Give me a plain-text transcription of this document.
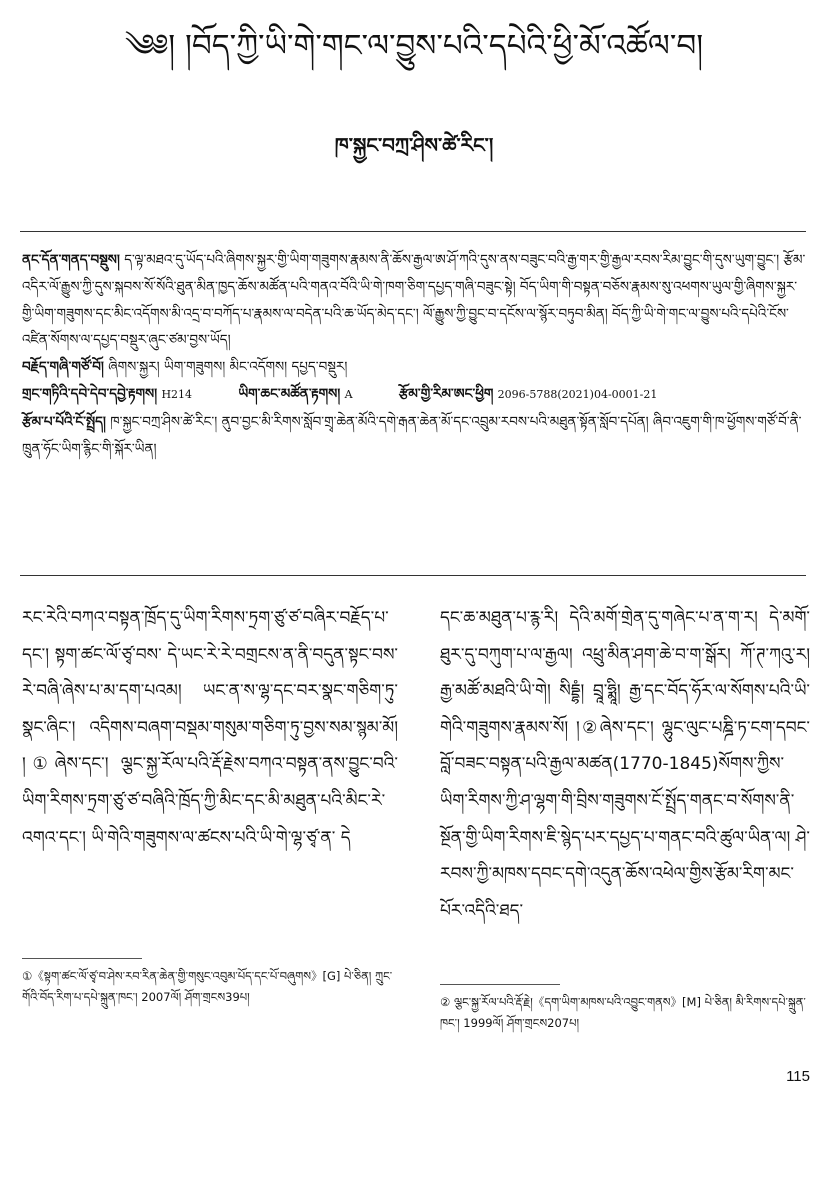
༄༅། །བོད་ཀྱི་ཡི་གེ་གང་ལ་བྱུས་པའི་དཔེའི་ཕྱི་མོ་འཚོལ་བ།
ཁ་སྐྱང་བཀྲ་ཤིས་ཚེ་རིང་།

ནང་དོན་གནད་བསྡུས། ད་ལྟ་མཐའ་དུ་ཡོད་པའི་ཞིགས་སྐྱར་གྱི་ཡིག་གཟུགས་རྣམས་ནི་ཆོས་རྒྱལ་ཨ་ཤོ་ཀའི་དུས་ནས་བཟུང་བའི་རྒྱ་གར་གྱི་རྒྱལ་རབས་རིམ་བྱུང་གི་དུས་ཡུག་བྱུང་། རྩོམ་འདིར་ལོ་རྒྱུས་ཀྱི་དུས་སྐབས་སོ་སོའི་ཐུན་མིན་ཁྱད་ཆོས་མཚོན་པའི་གནའ་བོའི་ཡི་གེ་ཁག་ཅིག་དཔྱད་གཞི་བཟུང་སྟེ། བོད་ཡིག་གི་བསྟན་བཅོས་རྣམས་སུ་འཕགས་ཡུལ་གྱི་ཞིགས་སྐྱར་གྱི་ཡིག་གཟུགས་དང་མིང་འདོགས་མི་འདྲ་བ་བཀོད་པ་རྣམས་ལ་བདེན་པའི་ཆ་ཡོད་མེད་དང་། ལོ་རྒྱུས་ཀྱི་བྱུང་བ་དངོས་ལ་སྙོར་བཏུབ་མིན། བོད་ཀྱི་ཡི་གེ་གང་ལ་བྱུས་པའི་དཔེའི་ངོས་འཛིན་སོགས་ལ་དཔྱད་བསྡུར་ཞུང་ཙམ་བྱས་ཡོད།

བརྗོད་གཞི་གཙོ་བོ། ཞིགས་སྐྱར། ཡིག་གཟུགས། མིང་འདོགས། དཔྱད་བསྡུར།

གྲང་གཏིའི་དབེ་དེབ་དབྱེ་རྟགས། H214	ཡིག་ཆང་མཚོན་རྟགས། A	རྩོམ་གྱི་རིམ་ཨང་ཕྱིག 2096-5788(2021)04-0001-21

རྩོམ་པ་པོའི་ངོ་སྤྲོད། ཁ་སྐྱང་བཀྲ་ཤིས་ཚེ་རིང་། ནུབ་བྱང་མི་རིགས་སློབ་གྲྭ་ཆེན་མོའི་དགེ་རྒན་ཆེན་མོ་དང་འབྲུམ་རབས་པའི་མཐུན་སྟོན་སློབ་དཔོན། ཞིབ་འཇུག་གི་ཁ་ཕྱོགས་གཙོ་བོ་ནི་ཁྲུན་ཧོང་ཡིག་རྙིང་གི་སྐོར་ཡིན།

རང་རེའི་བཀའ་བསྟན་ཁྲོད་དུ་ཡིག་རིགས་ཏྲག་ཙུ་ཙ་བཞིར་བརྗོད་པ་དང་། སྟག་ཚང་ལོ་ཙྭ་བས་ དེ་ཡང་རེ་རེ་བགྲངས་ན་ནི་བདུན་སྟང་བས་རེ་བཞི་ཞེས་པ་མ་དག་པའམ། ཡང་ན་ས་ལྷ་དང་བར་སྣང་གཅིག་ཏུ་སྣང་ཞིང་། འདིགས་བཞག་བསྡམ་གསུམ་གཅིག་ཏུ་བྱས་སམ་སྙམ་མོ། །①ཞེས་དང་། ལྕང་སྐྱ་རོལ་པའི་རྡོ་རྗེས་བཀའ་བསྟན་ནས་བྱུང་བའི་ཡིག་རིགས་ཏྲག་ཙུ་ཙ་བཞིའི་ཁྲོད་ཀྱི་མིང་དང་མི་མཐུན་པའི་མིང་རེ་འགའ་དང་། ཡི་གེའི་གཟུགས་ལ་ཚངས་པའི་ཡི་གེ་ལྷ་ཙྭ་ན་ དེ

དང་ཆ་མཐུན་པ་རྙ་རི། དེའི་མགོ་གྲེན་དུ་གཞེང་པ་ན་ག་ར། དེ་མགོ་ཐུར་དུ་བཀུག་པ་ལ་རྒྱལ། འཕྲུ་མིན་ཤག་ཆེ་བ་ག་སྒོར། ཀོ་ཊ་ཀའུ་ར། རྒྱ་མཚོ་མཐའི་ཡི་གེ། སིདྡྷཾ། བྲཱ་ཧྨཱི། རྒྱ་དང་བོད་ཧོར་ལ་སོགས་པའི་ཡི་གེའི་གཟུགས་རྣམས་སོ། །②ཞེས་དང་། ལྷུང་ལུང་པཎྜི་ཏ་ངག་དབང་བློ་བཟང་བསྟན་པའི་རྒྱལ་མཚན(1770-1845)སོགས་ཀྱིས་ཡིག་རིགས་ཀྱི་ཤ་ལྷག་གི་བྲིས་གཟུགས་ངོ་སྤྲོད་གནང་བ་སོགས་ནི་སྔོན་གྱི་ཡིག་རིགས་ཇི་སྙེད་པར་དཔྱད་པ་གནང་བའི་ཚུལ་ཡིན་ལ། ཤེ་རབས་ཀྱི་མཁས་དབང་དགེ་འདུན་ཆོས་འཕེལ་གྱིས་རྩོམ་རིག་མང་པོར་འདིའི་ཐད་

①《སྟག་ཚང་ལོ་ཙྭ་བ་ཤེས་རབ་རིན་ཆེན་གྱི་གསུང་འབུམ་པོད་དང་པོ་བཞུགས》[G] པེ་ཅིན། ཀྲུང་གོའི་བོད་རིག་པ་དཔེ་སྐྲུན་ཁང་། 2007ལོ། ཤོག་གྲངས39པ།	② ལྕང་སྐྱ་རོལ་པའི་རྡོ་རྗེ།《དག་ཡིག་མཁས་པའི་འབྱུང་གནས》[M] པེ་ཅིན། མི་རིགས་དཔེ་སྐྲུན་ཁང་། 1999ལོ། ཤོག་གྲངས207པ།
115
